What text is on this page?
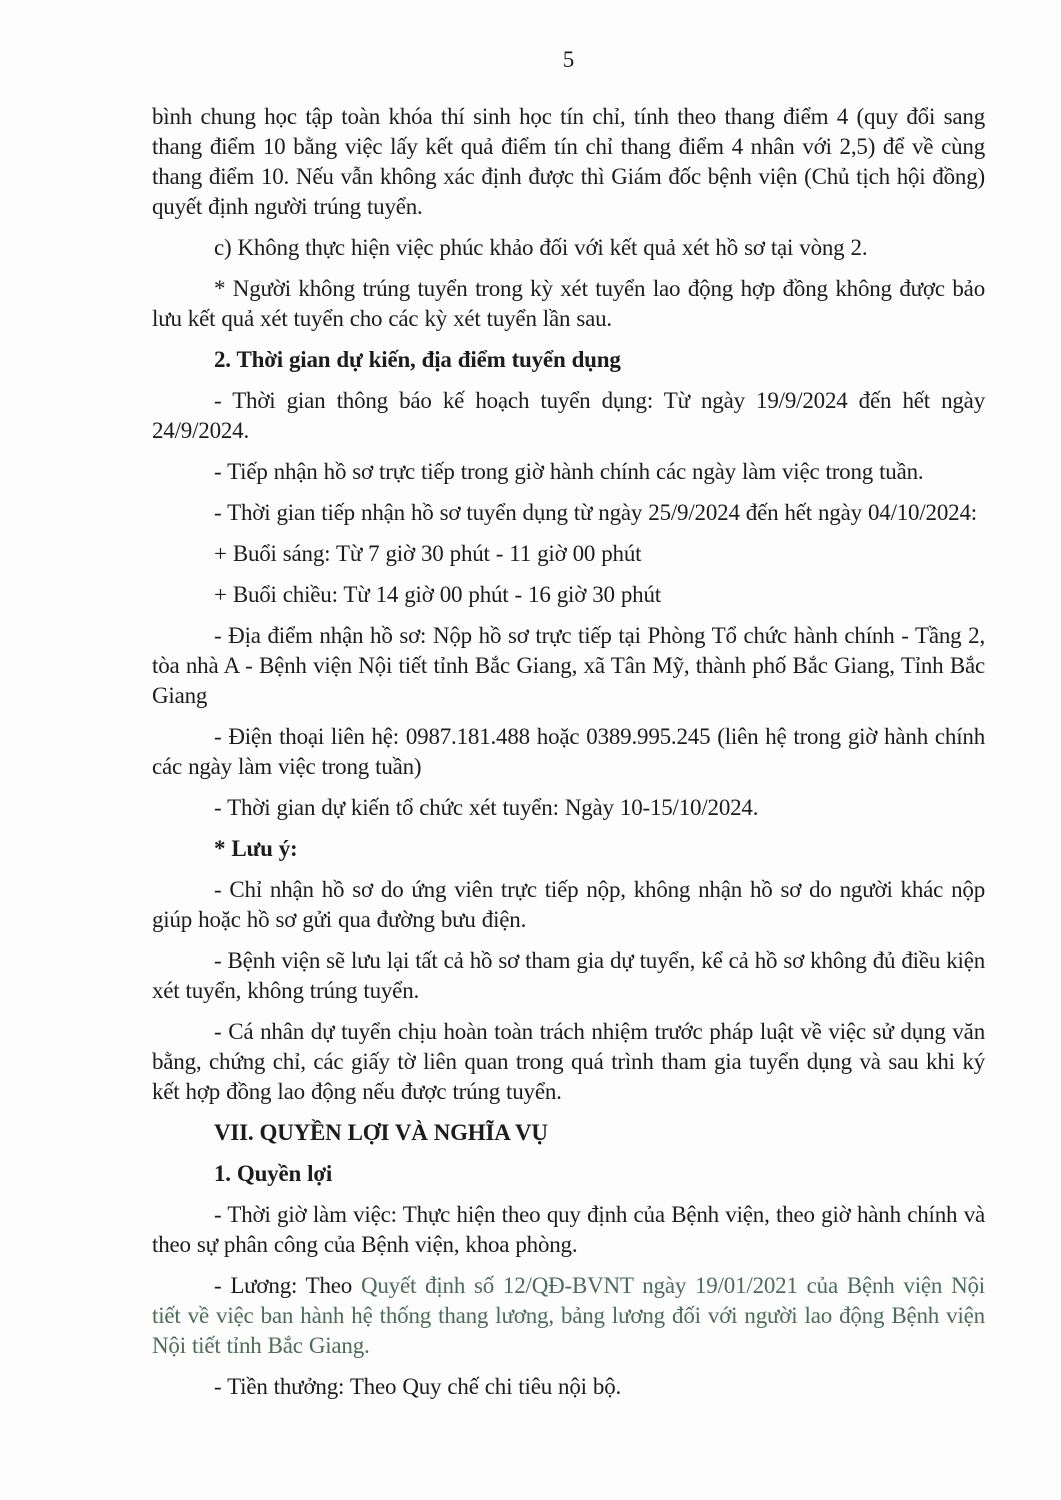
5

bình chung học tập toàn khóa thí sinh học tín chỉ, tính theo thang điểm 4 (quy đổi sang thang điểm 10 bằng việc lấy kết quả điểm tín chỉ thang điểm 4 nhân với 2,5) để về cùng thang điểm 10. Nếu vẫn không xác định được thì Giám đốc bệnh viện (Chủ tịch hội đồng) quyết định người trúng tuyển.

c) Không thực hiện việc phúc khảo đối với kết quả xét hồ sơ tại vòng 2.

* Người không trúng tuyển trong kỳ xét tuyển lao động hợp đồng không được bảo lưu kết quả xét tuyển cho các kỳ xét tuyển lần sau.

2. Thời gian dự kiến, địa điểm tuyển dụng

- Thời gian thông báo kế hoạch tuyển dụng: Từ ngày 19/9/2024 đến hết ngày 24/9/2024.

- Tiếp nhận hồ sơ trực tiếp trong giờ hành chính các ngày làm việc trong tuần.

- Thời gian tiếp nhận hồ sơ tuyển dụng từ ngày 25/9/2024 đến hết ngày 04/10/2024:

+ Buổi sáng: Từ 7 giờ 30 phút - 11 giờ 00 phút

+ Buổi chiều: Từ 14 giờ 00 phút - 16 giờ 30 phút

- Địa điểm nhận hồ sơ: Nộp hồ sơ trực tiếp tại Phòng Tổ chức hành chính - Tầng 2, tòa nhà A - Bệnh viện Nội tiết tỉnh Bắc Giang, xã Tân Mỹ, thành phố Bắc Giang, Tỉnh Bắc Giang

- Điện thoại liên hệ: 0987.181.488 hoặc 0389.995.245 (liên hệ trong giờ hành chính các ngày làm việc trong tuần)

- Thời gian dự kiến tổ chức xét tuyển: Ngày 10-15/10/2024.

* Lưu ý:

- Chỉ nhận hồ sơ do ứng viên trực tiếp nộp, không nhận hồ sơ do người khác nộp giúp hoặc hồ sơ gửi qua đường bưu điện.

- Bệnh viện sẽ lưu lại tất cả hồ sơ tham gia dự tuyển, kể cả hồ sơ không đủ điều kiện xét tuyển, không trúng tuyển.

- Cá nhân dự tuyển chịu hoàn toàn trách nhiệm trước pháp luật về việc sử dụng văn bằng, chứng chỉ, các giấy tờ liên quan trong quá trình tham gia tuyển dụng và sau khi ký kết hợp đồng lao động nếu được trúng tuyển.

VII. QUYỀN LỢI VÀ NGHĨA VỤ

1. Quyền lợi

- Thời giờ làm việc: Thực hiện theo quy định của Bệnh viện, theo giờ hành chính và theo sự phân công của Bệnh viện, khoa phòng.

- Lương: Theo Quyết định số 12/QĐ-BVNT ngày 19/01/2021 của Bệnh viện Nội tiết về việc ban hành hệ thống thang lương, bảng lương đối với người lao động Bệnh viện Nội tiết tỉnh Bắc Giang.

- Tiền thưởng: Theo Quy chế chi tiêu nội bộ.
